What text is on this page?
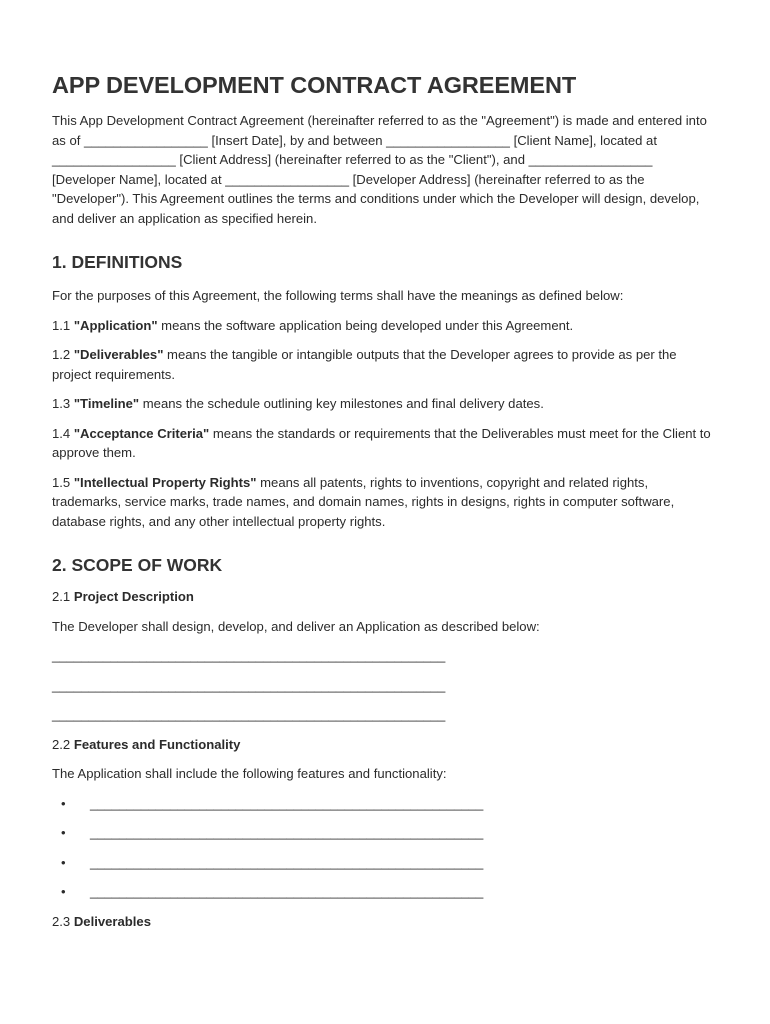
APP DEVELOPMENT CONTRACT AGREEMENT

This App Development Contract Agreement (hereinafter referred to as the "Agreement") is made and entered into as of _________________ [Insert Date], by and between _________________ [Client Name], located at _________________ [Client Address] (hereinafter referred to as the "Client"), and _________________ [Developer Name], located at _________________ [Developer Address] (hereinafter referred to as the "Developer"). This Agreement outlines the terms and conditions under which the Developer will design, develop, and deliver an application as specified herein.

1. DEFINITIONS

For the purposes of this Agreement, the following terms shall have the meanings as defined below:

1.1 "Application" means the software application being developed under this Agreement.

1.2 "Deliverables" means the tangible or intangible outputs that the Developer agrees to provide as per the project requirements.

1.3 "Timeline" means the schedule outlining key milestones and final delivery dates.

1.4 "Acceptance Criteria" means the standards or requirements that the Deliverables must meet for the Client to approve them.

1.5 "Intellectual Property Rights" means all patents, rights to inventions, copyright and related rights, trademarks, service marks, trade names, and domain names, rights in designs, rights in computer software, database rights, and any other intellectual property rights.

2. SCOPE OF WORK

2.1 Project Description

The Developer shall design, develop, and deliver an Application as described below:

______________________________________________________
______________________________________________________
______________________________________________________

2.2 Features and Functionality

The Application shall include the following features and functionality:

• ______________________________________________________
• ______________________________________________________
• ______________________________________________________
• ______________________________________________________

2.3 Deliverables
